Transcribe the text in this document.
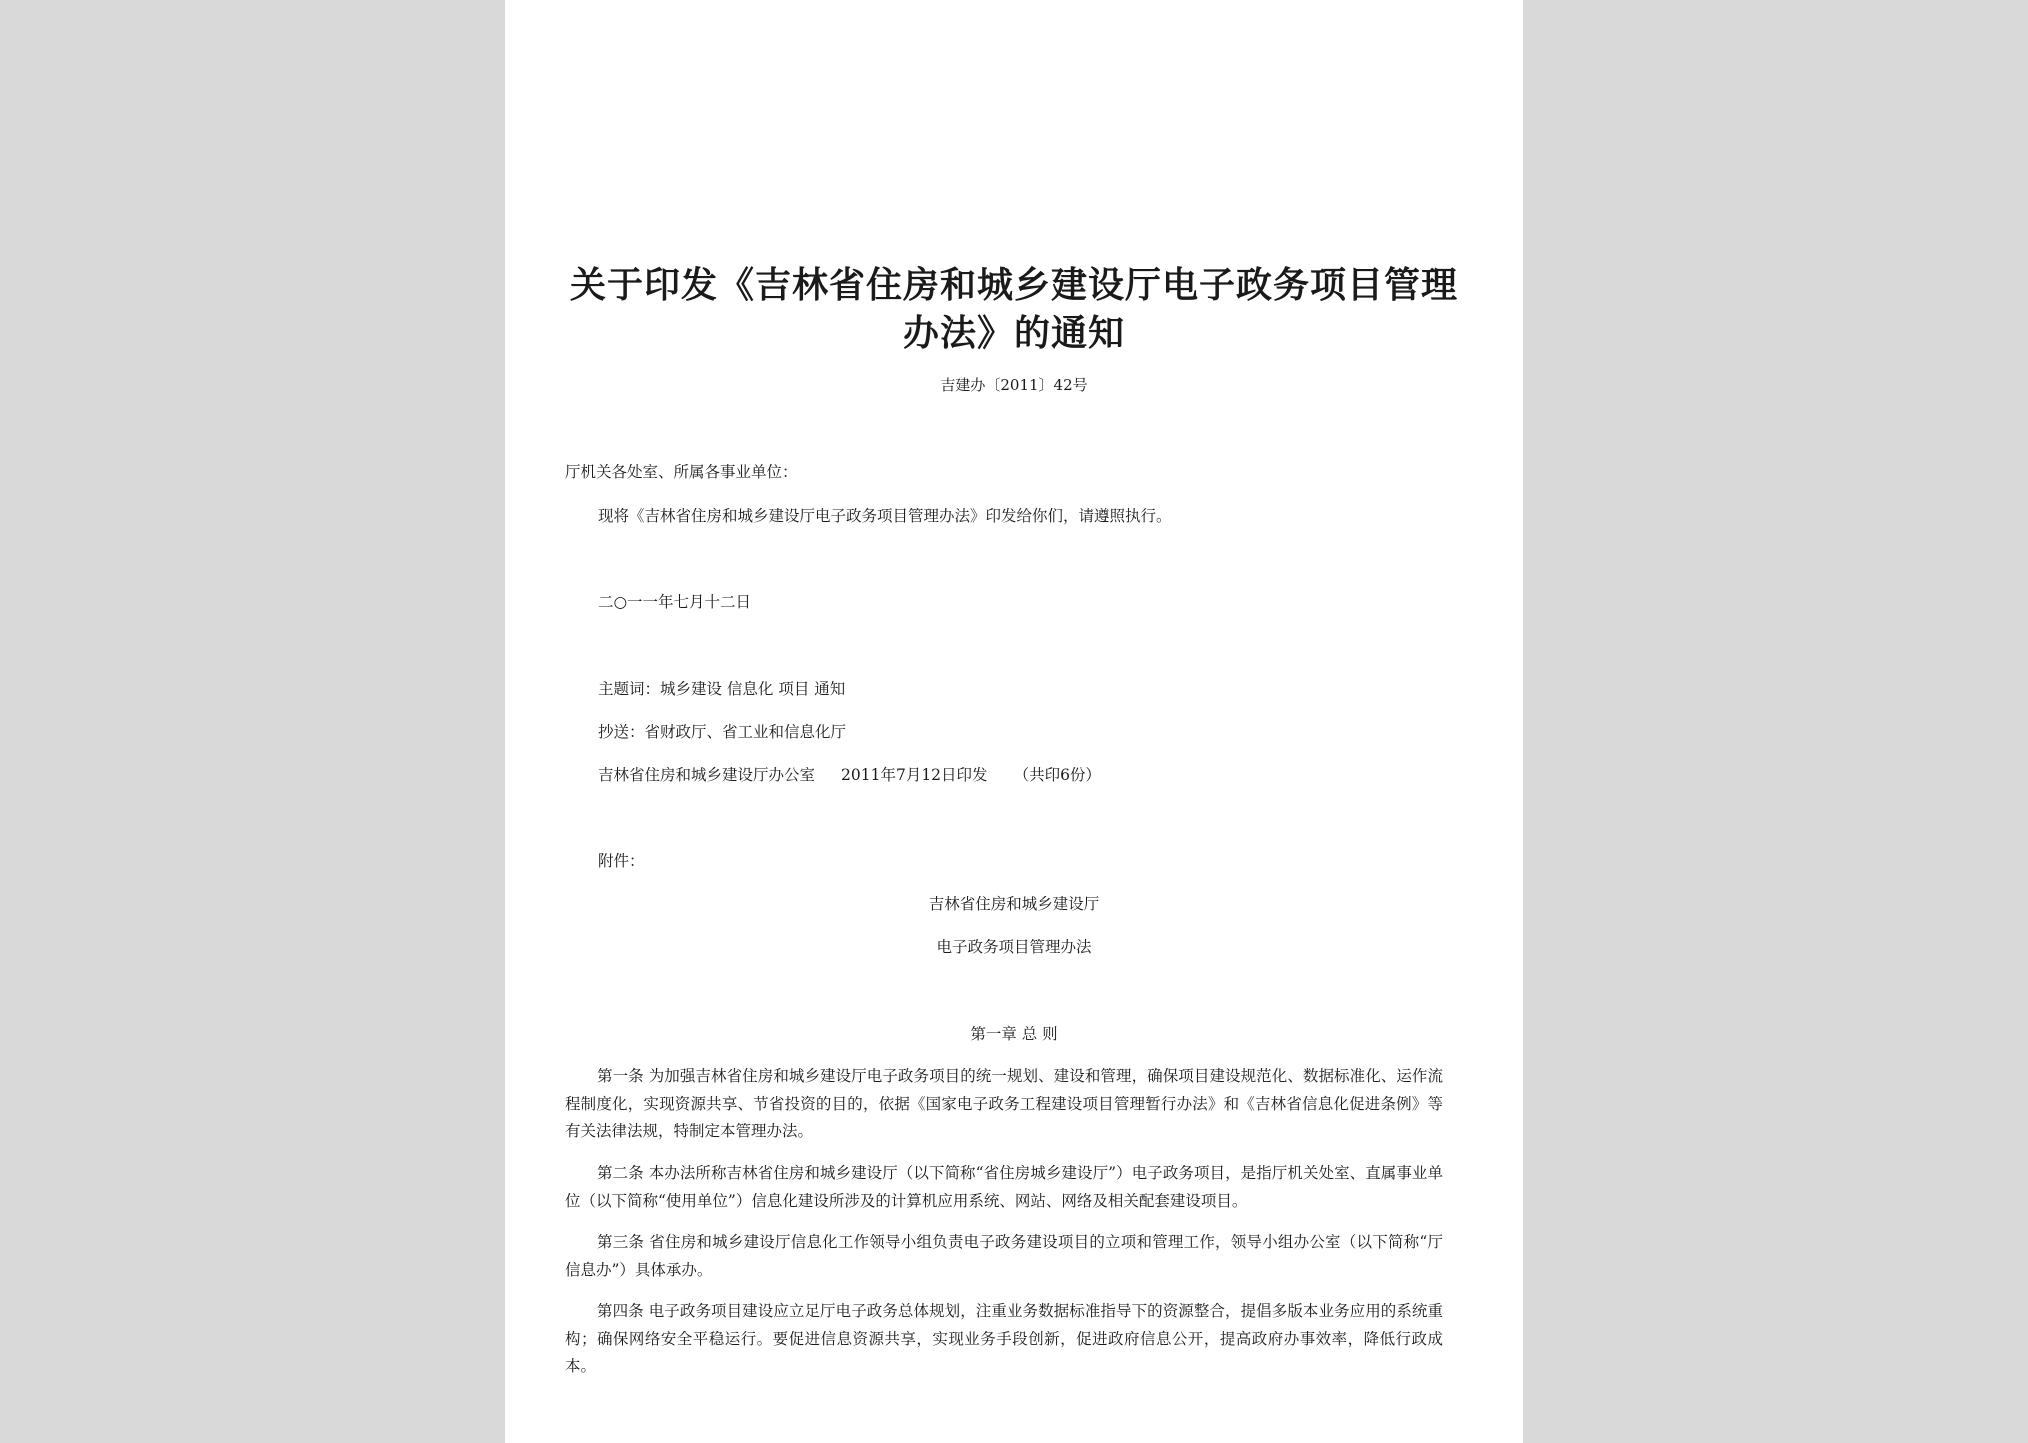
关于印发《吉林省住房和城乡建设厅电子政务项目管理
办法》的通知
吉建办〔2011〕42号
厅机关各处室、所属各事业单位：
现将《吉林省住房和城乡建设厅电子政务项目管理办法》印发给你们，请遵照执行。
二○一一年七月十二日
主题词：城乡建设 信息化 项目 通知
抄送：省财政厅、省工业和信息化厅
吉林省住房和城乡建设厅办公室 2011年7月12日印发 （共印6份）
附件：
吉林省住房和城乡建设厅
电子政务项目管理办法
第一章 总 则
第一条 为加强吉林省住房和城乡建设厅电子政务项目的统一规划、建设和管理，确保项目建设规范化、数据标准化、运作流程制度化，实现资源共享、节省投资的目的，依据《国家电子政务工程建设项目管理暂行办法》和《吉林省信息化促进条例》等有关法律法规，特制定本管理办法。
第二条 本办法所称吉林省住房和城乡建设厅（以下简称“省住房城乡建设厅”）电子政务项目，是指厅机关处室、直属事业单位（以下简称“使用单位”）信息化建设所涉及的计算机应用系统、网站、网络及相关配套建设项目。
第三条 省住房和城乡建设厅信息化工作领导小组负责电子政务建设项目的立项和管理工作，领导小组办公室（以下简称“厅信息办”）具体承办。
第四条 电子政务项目建设应立足厅电子政务总体规划，注重业务数据标准指导下的资源整合，提倡多版本业务应用的系统重构；确保网络安全平稳运行。要促进信息资源共享，实现业务手段创新，促进政府信息公开，提高政府办事效率，降低行政成本。
